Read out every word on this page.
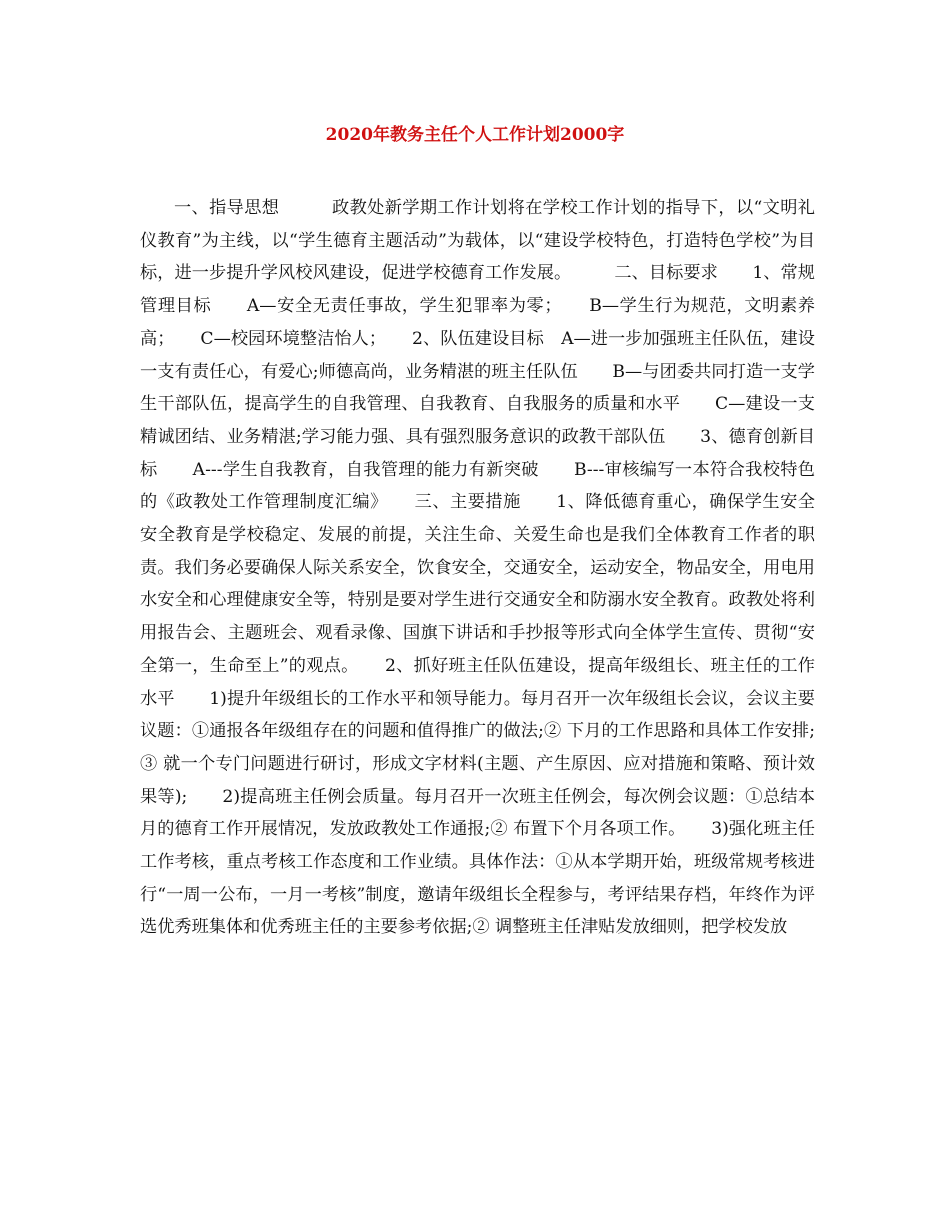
2020年教务主任个人工作计划2000字

一、指导思想　　　政教处新学期工作计划将在学校工作计划的指导下，以“文明礼仪教育”为主线，以“学生德育主题活动”为载体，以“建设学校特色，打造特色学校”为目标，进一步提升学风校风建设，促进学校德育工作发展。　　　二、目标要求　　1、常规管理目标　　A—安全无责任事故，学生犯罪率为零；　　B—学生行为规范，文明素养高；　　C—校园环境整洁怡人；　　2、队伍建设目标　A—进一步加强班主任队伍，建设一支有责任心，有爱心;师德高尚，业务精湛的班主任队伍　　B—与团委共同打造一支学生干部队伍，提高学生的自我管理、自我教育、自我服务的质量和水平　　C—建设一支精诚团结、业务精湛;学习能力强、具有强烈服务意识的政教干部队伍　　3、德育创新目标　　A---学生自我教育，自我管理的能力有新突破　　B---审核编写一本符合我校特色的《政教处工作管理制度汇编》　　三、主要措施　　1、降低德育重心，确保学生安全　　安全教育是学校稳定、发展的前提，关注生命、关爱生命也是我们全体教育工作者的职责。我们务必要确保人际关系安全，饮食安全，交通安全，运动安全，物品安全，用电用水安全和心理健康安全等，特别是要对学生进行交通安全和防溺水安全教育。政教处将利用报告会、主题班会、观看录像、国旗下讲话和手抄报等形式向全体学生宣传、贯彻“安全第一，生命至上”的观点。　　2、抓好班主任队伍建设，提高年级组长、班主任的工作水平　　1)提升年级组长的工作水平和领导能力。每月召开一次年级组长会议，会议主要议题：①通报各年级组存在的问题和值得推广的做法;② 下月的工作思路和具体工作安排;③ 就一个专门问题进行研讨，形成文字材料(主题、产生原因、应对措施和策略、预计效果等);　　2)提高班主任例会质量。每月召开一次班主任例会，每次例会议题：①总结本月的德育工作开展情况，发放政教处工作通报;② 布置下个月各项工作。　　3)强化班主任工作考核，重点考核工作态度和工作业绩。具体作法：①从本学期开始，班级常规考核进行“一周一公布，一月一考核”制度，邀请年级组长全程参与，考评结果存档，年终作为评选优秀班集体和优秀班主任的主要参考依据;② 调整班主任津贴发放细则，把学校发放
